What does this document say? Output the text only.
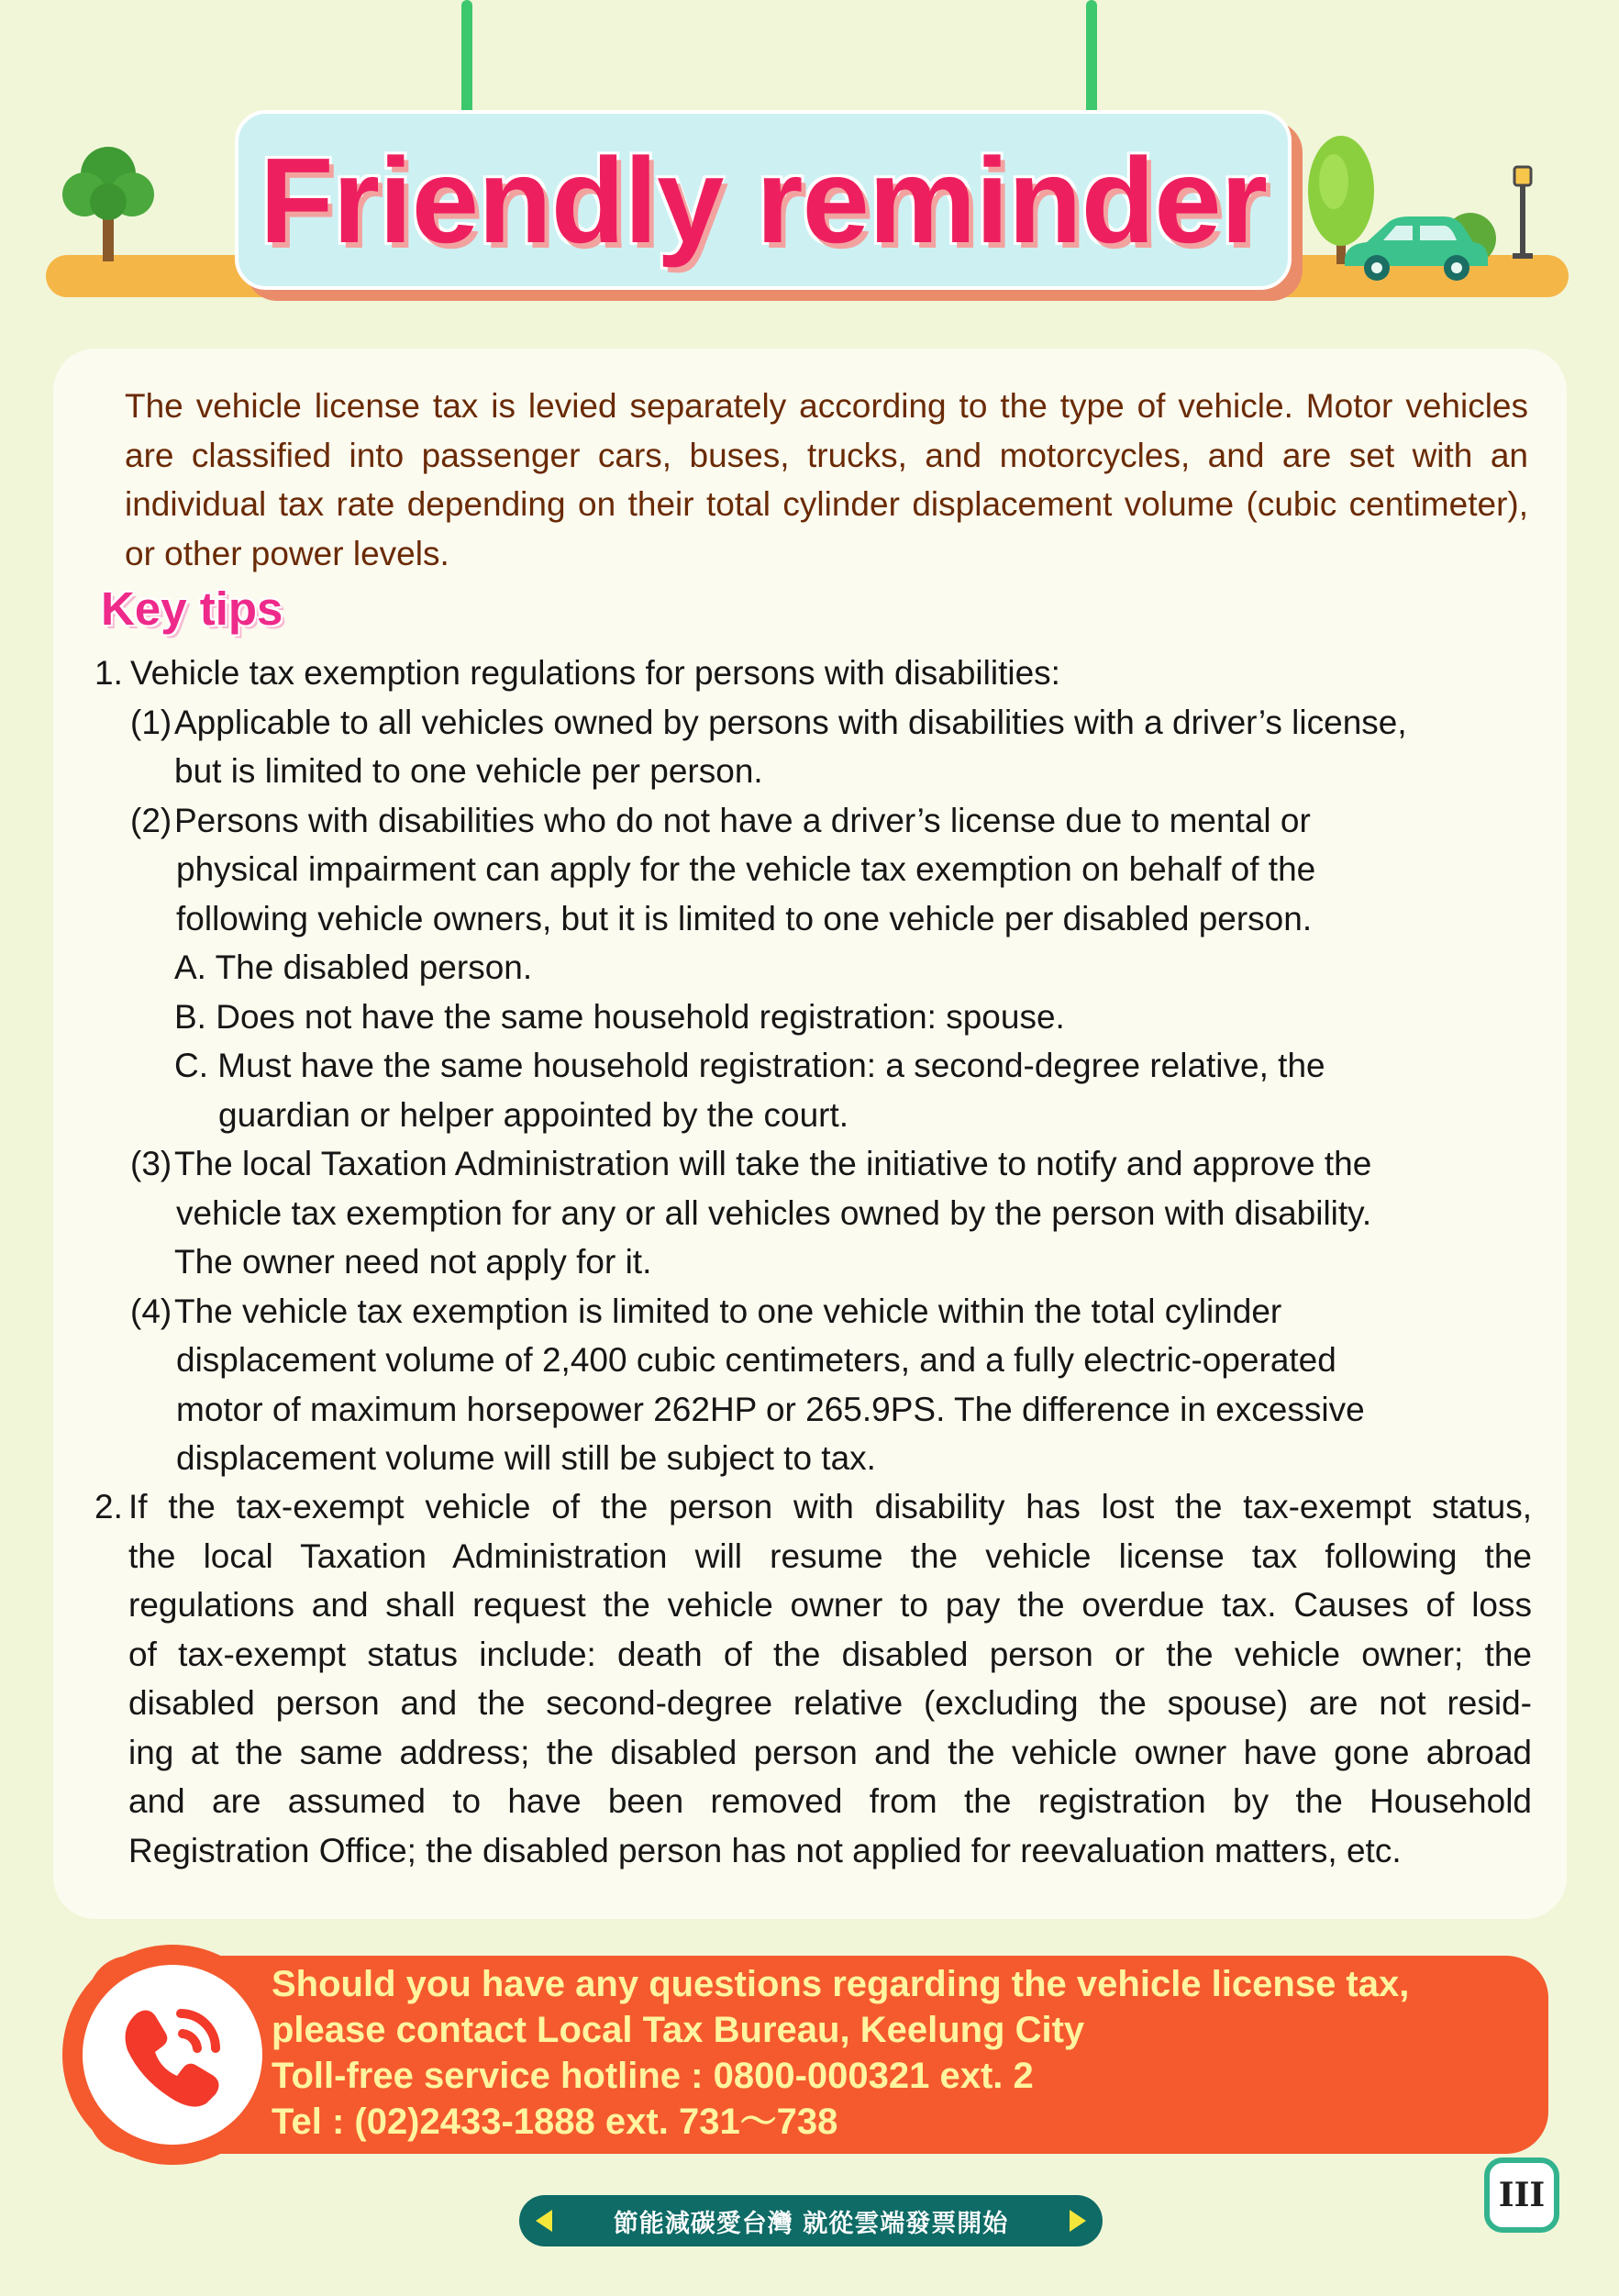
Friendly reminder
The vehicle license tax is levied separately according to the type of vehicle. Motor vehicles are classified into passenger cars, buses, trucks, and motorcycles, and are set with an individual tax rate depending on their total cylinder displacement volume (cubic centimeter), or other power levels.
Key tips
1. Vehicle tax exemption regulations for persons with disabilities:
(1) Applicable to all vehicles owned by persons with disabilities with a driver’s license,
but is limited to one vehicle per person.
(2) Persons with disabilities who do not have a driver’s license due to mental or
physical impairment can apply for the vehicle tax exemption on behalf of the
following vehicle owners, but it is limited to one vehicle per disabled person.
A. The disabled person.
B. Does not have the same household registration: spouse.
C. Must have the same household registration: a second-degree relative, the
guardian or helper appointed by the court.
(3) The local Taxation Administration will take the initiative to notify and approve the
vehicle tax exemption for any or all vehicles owned by the person with disability.
The owner need not apply for it.
(4) The vehicle tax exemption is limited to one vehicle within the total cylinder
displacement volume of 2,400 cubic centimeters, and a fully electric-operated
motor of maximum horsepower 262HP or 265.9PS. The difference in excessive
displacement volume will still be subject to tax.
2. If the tax-exempt vehicle of the person with disability has lost the tax-exempt status,
the local Taxation Administration will resume the vehicle license tax following the
regulations and shall request the vehicle owner to pay the overdue tax. Causes of loss
of tax-exempt status include: death of the disabled person or the vehicle owner; the
disabled person and the second-degree relative (excluding the spouse) are not resid-
ing at the same address; the disabled person and the vehicle owner have gone abroad
and are assumed to have been removed from the registration by the Household
Registration Office; the disabled person has not applied for reevaluation matters, etc.
Should you have any questions regarding the vehicle license tax,
please contact Local Tax Bureau, Keelung City
Toll-free service hotline : 0800-000321 ext. 2
Tel : (02)2433-1888 ext. 731～738
節能減碳愛台灣 就從雲端發票開始
III
